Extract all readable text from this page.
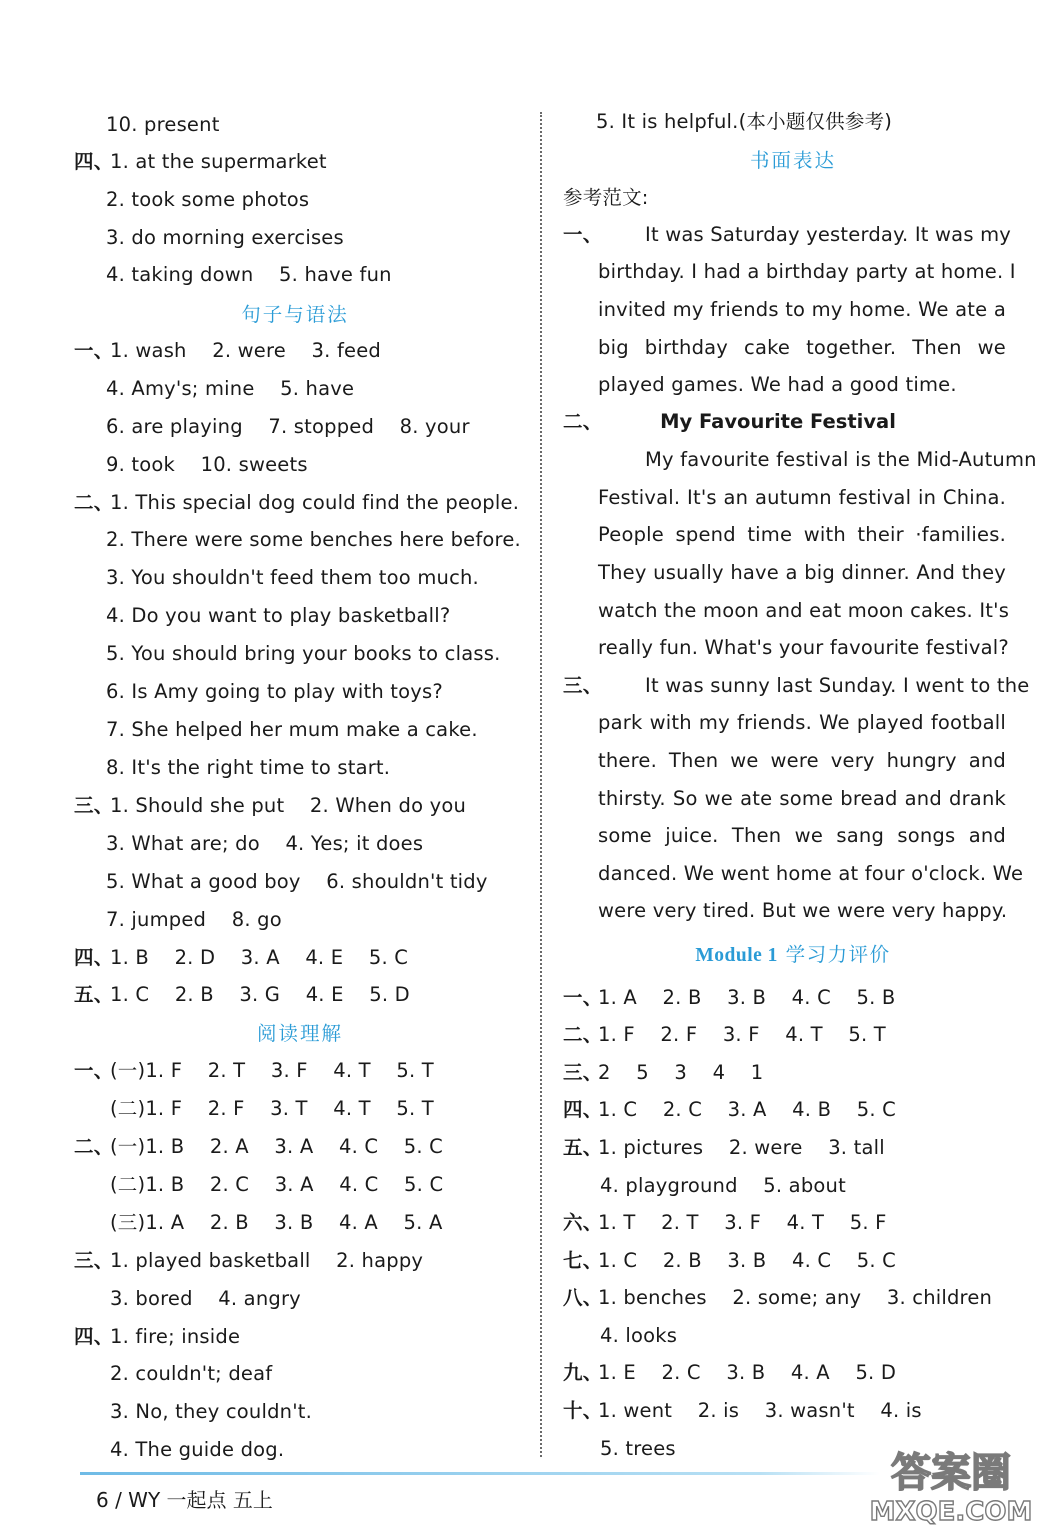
10. present
四、
1. at the supermarket
2. took some photos
3. do morning exercises
4. taking down    5. have fun
句子与语法
一、
1. wash    2. were    3. feed
4. Amy's; mine    5. have
6. are playing    7. stopped    8. your
9. took    10. sweets
二、
1. This special dog could find the people.
2. There were some benches here before.
3. You shouldn't feed them too much.
4. Do you want to play basketball?
5. You should bring your books to class.
6. Is Amy going to play with toys?
7. She helped her mum make a cake.
8. It's the right time to start.
三、
1. Should she put    2. When do you
3. What are; do    4. Yes; it does
5. What a good boy    6. shouldn't tidy
7. jumped    8. go
四、
1. B    2. D    3. A    4. E    5. C
五、
1. C    2. B    3. G    4. E    5. D
阅读理解
一、
(一)1. F    2. T    3. F    4. T    5. T
(二)1. F    2. F    3. T    4. T    5. T
二、
(一)1. B    2. A    3. A    4. C    5. C
(二)1. B    2. C    3. A    4. C    5. C
(三)1. A    2. B    3. B    4. A    5. A
三、
1. played basketball    2. happy
3. bored    4. angry
四、
1. fire; inside
2. couldn't; deaf
3. No, they couldn't.
4. The guide dog.
5. It is helpful.(本小题仅供参考)
书面表达
参考范文:
一、 It was Saturday yesterday. It was my
birthday. I had a birthday party at home. I
invited my friends to my home. We ate a
big birthday cake together. Then we
played games. We had a good time.
二、	My Favourite Festival
My favourite festival is the Mid-Autumn
Festival. It's an autumn festival in China.
People spend time with their ·families.
They usually have a big dinner. And they
watch the moon and eat moon cakes. It's
really fun. What's your favourite festival?
三、 It was sunny last Sunday. I went to the
park with my friends. We played football
there. Then we were very hungry and
thirsty. So we ate some bread and drank
some juice. Then we sang songs and
danced. We went home at four o'clock. We
were very tired. But we were very happy.
Module 1 学习力评价
一、
1. A    2. B    3. B    4. C    5. B
二、
1. F    2. F    3. F    4. T    5. T
三、
2    5    3    4    1
四、
1. C    2. C    3. A    4. B    5. C
五、
1. pictures    2. were    3. tall
4. playground    5. about
六、
1. T    2. T    3. F    4. T    5. F
七、
1. C    2. B    3. B    4. C    5. C
八、
1. benches    2. some; any    3. children
4. looks
九、
1. E    2. C    3. B    4. A    5. D
十、
1. went    2. is    3. wasn't    4. is
5. trees
6 / WY 一起点 五上
答案圈
MXQE.COM
